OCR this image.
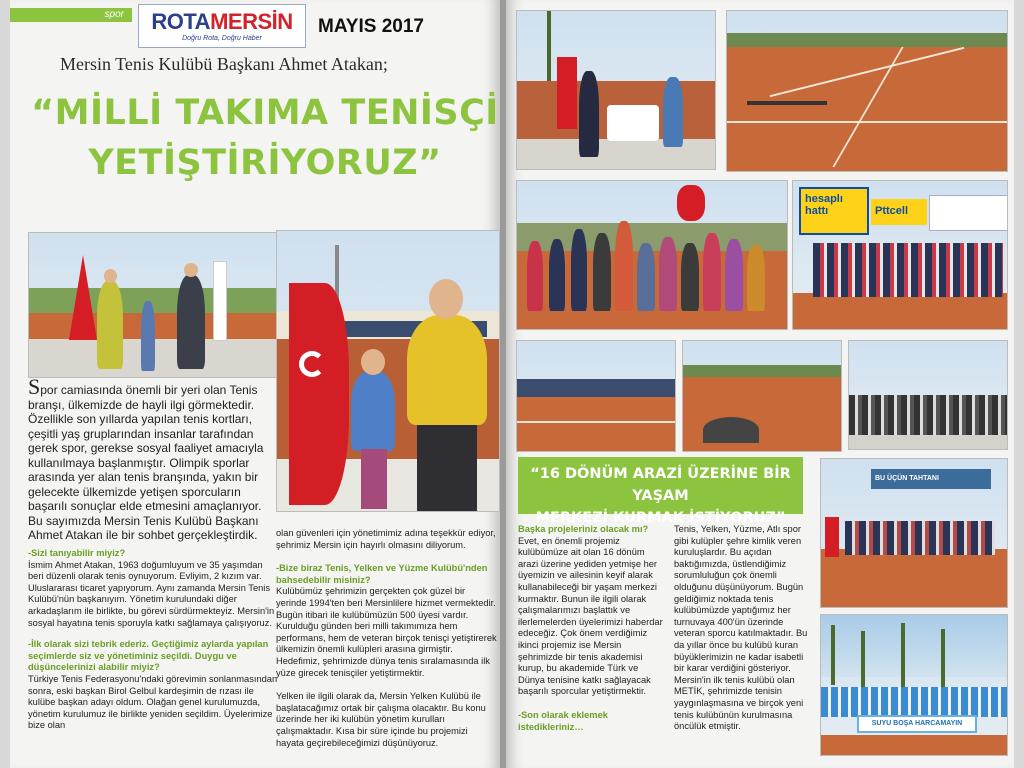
spor ROTAMERSİN
Doğru Rota, Doğru Haber
MAYIS 2017
Mersin Tenis Kulübü Başkanı Ahmet Atakan;
“MİLLİ TAKIMA TENİSÇİ
YETİŞTİRİYORUZ”
Spor camiasında önemli bir yeri olan Tenis branşı, ülkemizde de hayli ilgi görmektedir. Özellikle son yıllarda yapılan tenis kortları, çeşitli yaş gruplarından insanlar tarafından gerek spor, gerekse sosyal faaliyet amacıyla kullanılmaya başlanmıştır. Olimpik sporlar arasında yer alan tenis branşında, yakın bir gelecekte ülkemizde yetişen sporcuların başarılı sonuçlar elde etmesini amaçlanıyor. Bu sayımızda Mersin Tenis Kulübü Başkanı Ahmet Atakan ile bir sohbet gerçekleştirdik.

-Sizi tanıyabilir miyiz?

İsmim Ahmet Atakan, 1963 doğumluyum ve 35 yaşımdan beri düzenli olarak tenis oynuyorum. Evliyim, 2 kızım var. Uluslararası ticaret yapıyorum. Aynı zamanda Mersin Tenis Kulübü'nün başkanıyım. Yönetim kurulundaki diğer arkadaşlarım ile birlikte, bu görevi sürdürmekteyiz. Mersin'in sosyal hayatına tenis sporuyla katkı sağlamaya çalışıyoruz.

-İlk olarak sizi tebrik ederiz. Geçtiğimiz aylarda yapılan seçimlerde siz ve yönetiminiz seçildi. Duygu ve düşüncelerinizi alabilir miyiz?

Türkiye Tenis Federasyonu'ndaki görevimin sonlanmasından sonra, eski başkan Birol Gelbul kardeşimin de rızası ile kulübe başkan adayı oldum. Olağan genel kurulumuzda, yönetim kurulumuz ile birlikte yeniden seçildim. Üyelerimize bize olan

olan güvenleri için yönetimimiz adına teşekkür ediyor, şehrimiz Mersin için hayırlı olmasını diliyorum.

-Bize biraz Tenis, Yelken ve Yüzme Kulübü'nden bahsedebilir misiniz?

Kulübümüz şehrimizin gerçekten çok güzel bir yerinde 1994'ten beri Mersinlilere hizmet vermektedir. Bugün itibari ile kulübümüzün 500 üyesi vardır. Kurulduğu günden beri milli takımımıza hem performans, hem de veteran birçok tenisçi yetiştirerek ülkemizin önemli kulüpleri arasına girmiştir. Hedefimiz, şehrimizde dünya tenis sıralamasında ilk yüze girecek tenisçiler yetiştirmektir.

Yelken ile ilgili olarak da, Mersin Yelken Kulübü ile başlatacağımız ortak bir çalışma olacaktır. Bu konu üzerinde her iki kulübün yönetim kurulları çalışmaktadır. Kısa bir süre içinde bu projemizi hayata geçirebileceğimizi düşünüyoruz.

hesaplı hattı	Pttcell
“16 DÖNÜM ARAZİ ÜZERİNE BİR YAŞAM
MERKEZİ KURMAK İSTİYORUZ”
BU ÜÇÜN TAHTANI
SUYU BOŞA HARCAMAYIN

Başka projeleriniz olacak mı?

Evet, en önemli projemiz kulübümüze ait olan 16 dönüm arazi üzerine yediden yetmişe her üyemizin ve ailesinin keyif alarak kullanabileceği bir yaşam merkezi kurmaktır. Bunun ile ilgili olarak çalışmalarımızı başlattık ve ilerlemelerden üyelerimizi haberdar edeceğiz. Çok önem verdiğimiz ikinci projemiz ise Mersin şehrimizde bir tenis akademisi kurup, bu akademide Türk ve Dünya tenisine katkı sağlayacak başarılı sporcular yetiştirmektir.

-Son olarak eklemek istedikleriniz…

Tenis, Yelken, Yüzme, Atlı spor gibi kulüpler şehre kimlik veren kuruluşlardır. Bu açıdan baktığımızda, üstlendiğimiz sorumluluğun çok önemli olduğunu düşünüyorum. Bugün geldiğimiz noktada tenis kulübümüzde yaptığımız her turnuvaya 400'ün üzerinde veteran sporcu katılmaktadır. Bu da yıllar önce bu kulübü kuran büyüklerimizin ne kadar isabetli bir karar verdiğini gösteriyor. Mersin'in ilk tenis kulübü olan METİK, şehrimizde tenisin yaygınlaşmasına ve birçok yeni tenis kulübünün kurulmasına öncülük etmiştir.
